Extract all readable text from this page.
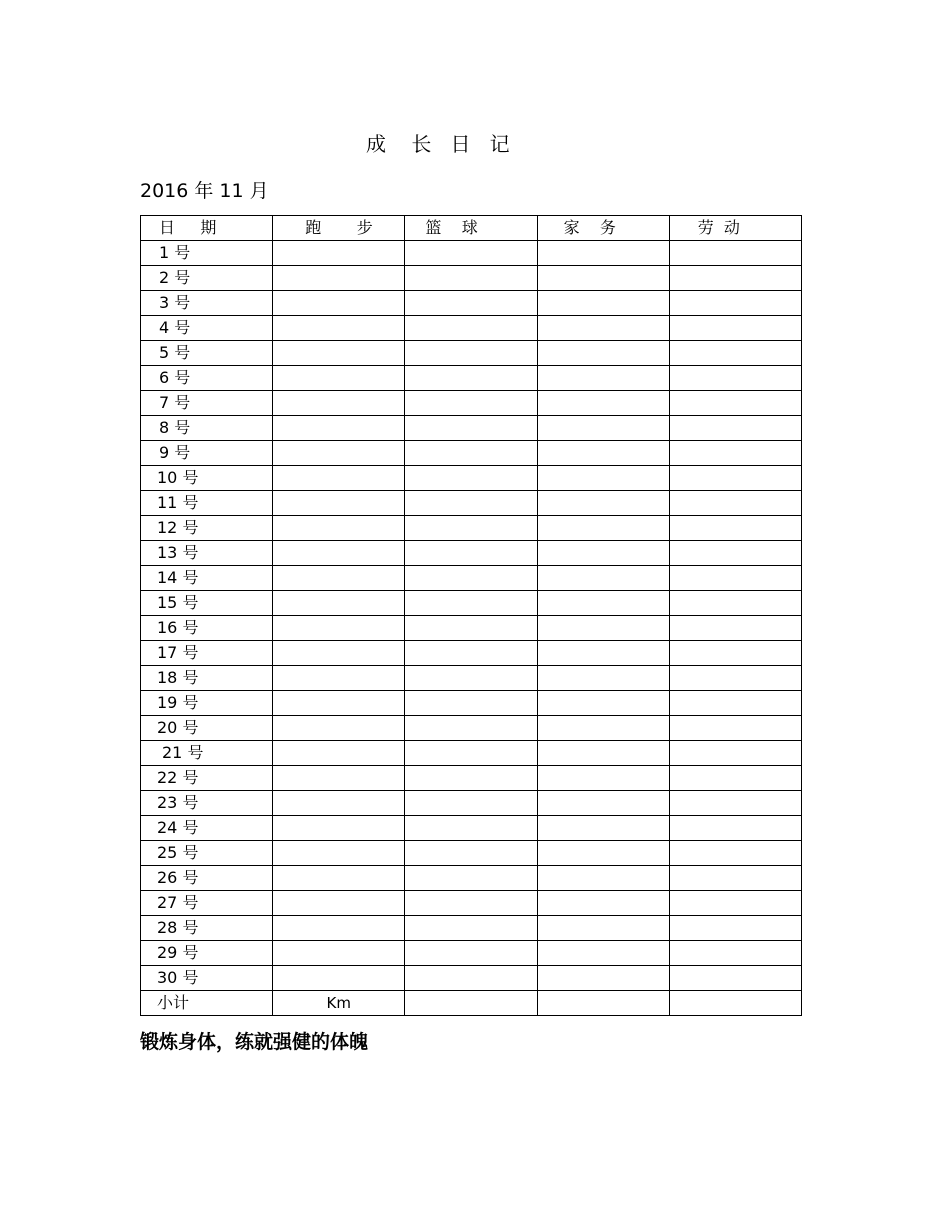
成    长   日   记
2016 年 11 月
日     期	跑       步	篮    球	家    务	劳  动
1 号				
2 号				
3 号				
4 号				
5 号				
6 号				
7 号				
8 号				
9 号				
10 号				
11 号				
12 号				
13 号				
14 号				
15 号				
16 号				
17 号				
18 号				
19 号				
20 号				
21 号				
22 号				
23 号				
24 号				
25 号				
26 号				
27 号				
28 号				
29 号				
30 号				
小计	Km			
锻炼身体，练就强健的体魄
